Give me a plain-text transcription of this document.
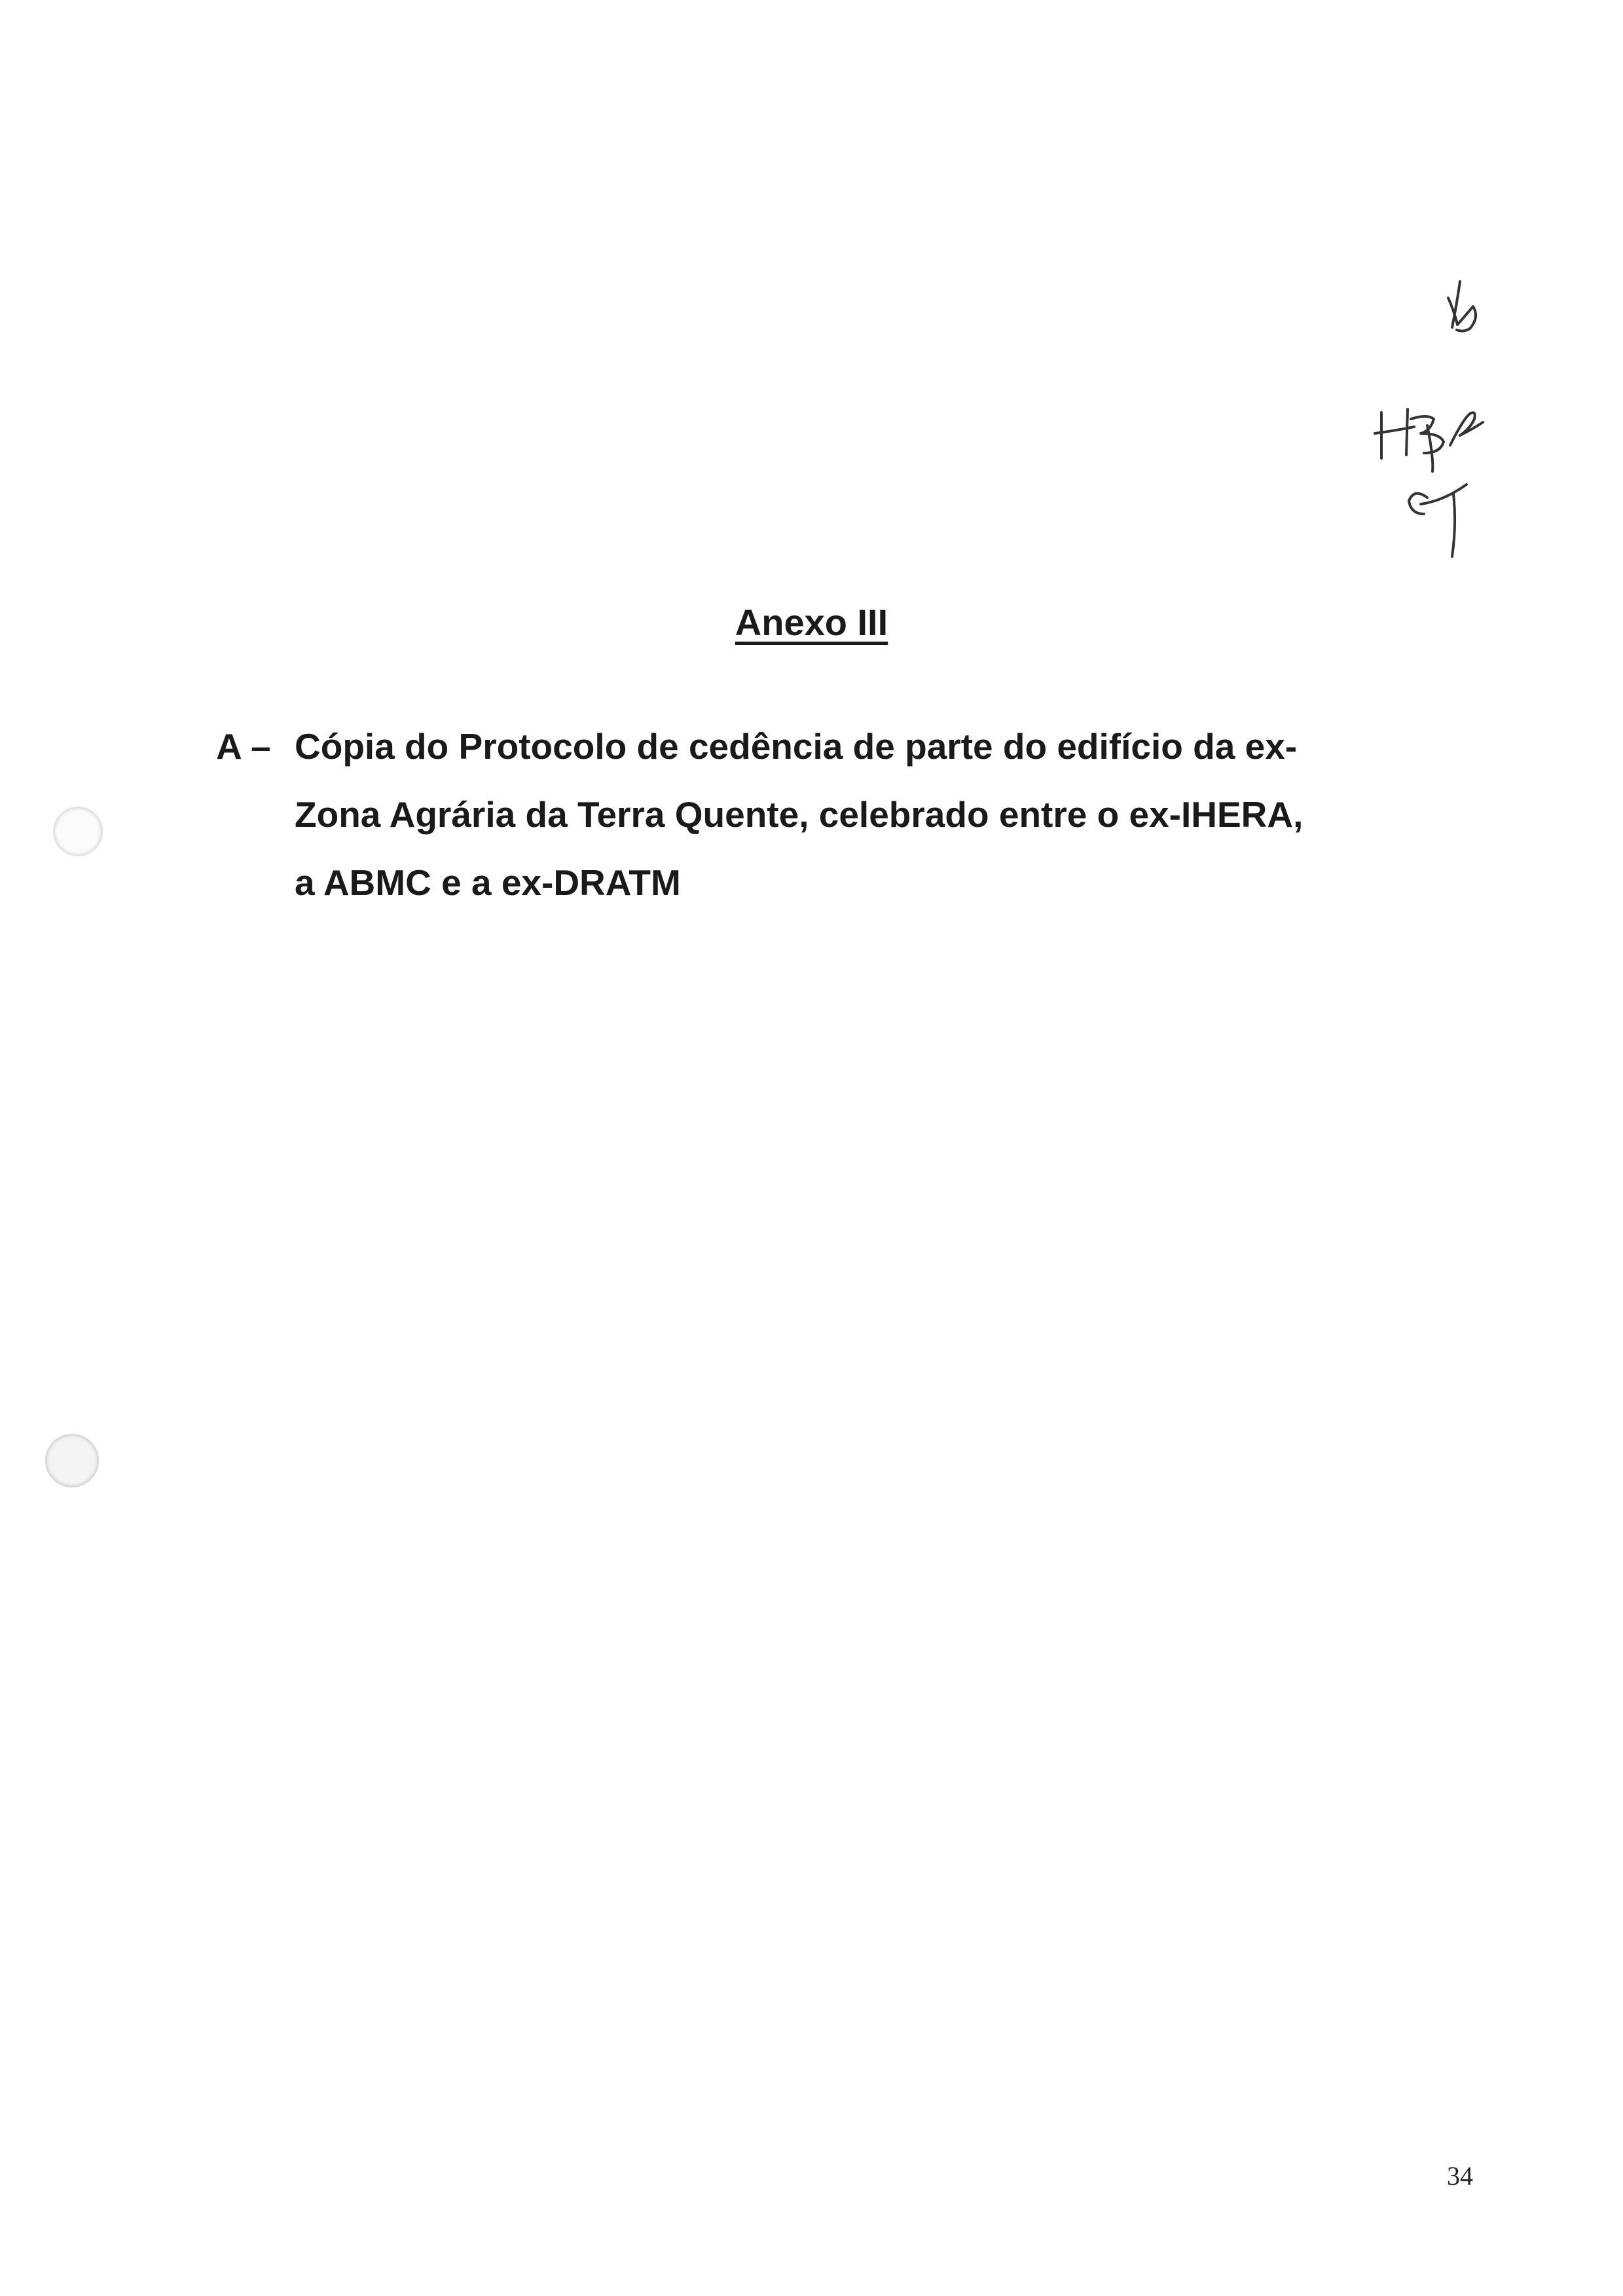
Anexo III
A – Cópia do Protocolo de cedência de parte do edifício da ex-
Zona Agrária da Terra Quente, celebrado entre o ex-IHERA,
a ABMC e a ex-DRATM
34
